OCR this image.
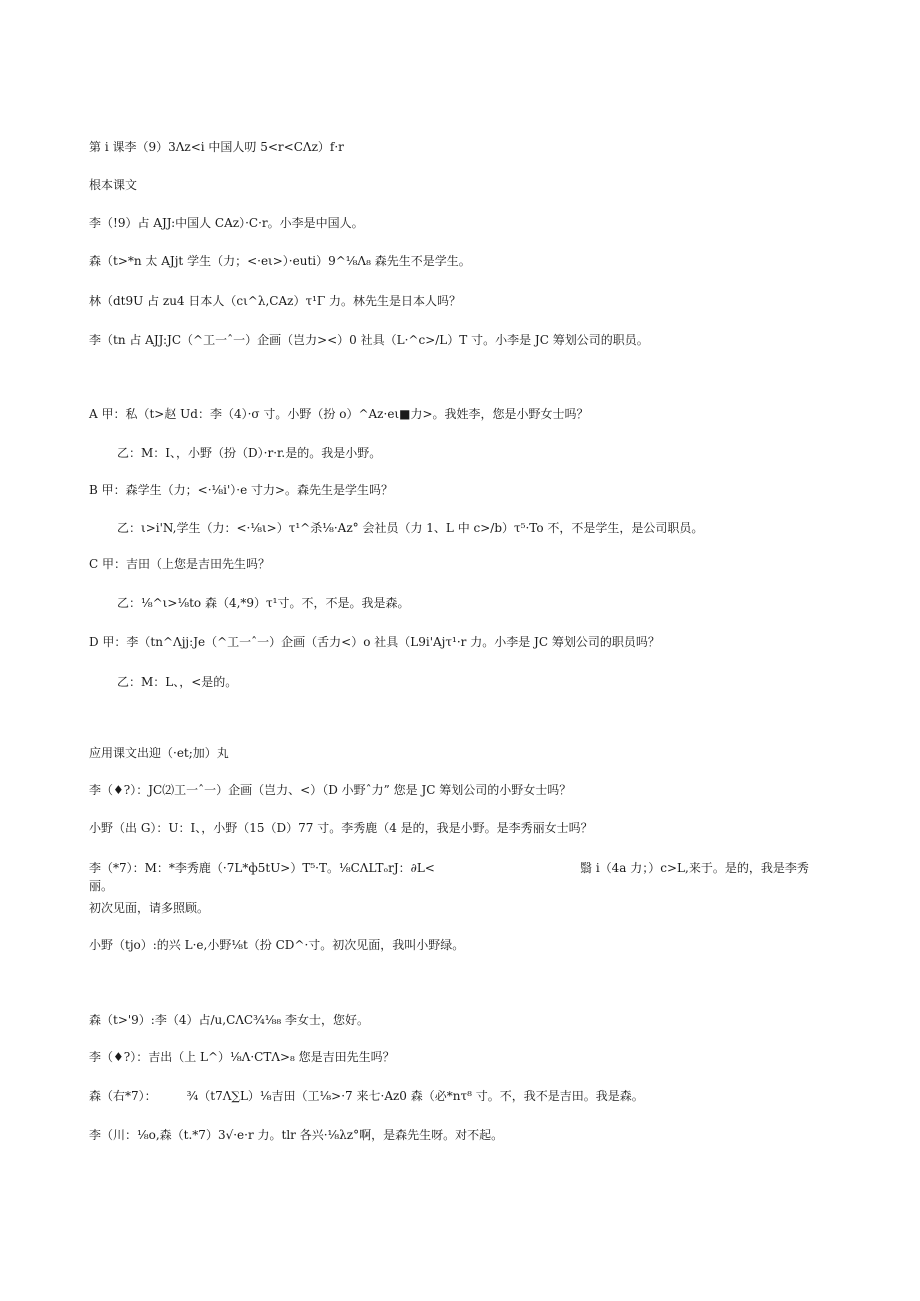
第 i 课李（9）3Λz<i 中国人叨 5<r<CΛz）f·r
根本课文
李（!9）占 AJJ:中国人 CAz）·C·r。小李是中国人。
森（t>*n 太 AJjt 学生（力；<·eι>）·euti）9^⅛Λ₈ 森先生不是学生。
林（dt9U 占 zu4 日本人（cι^λ,CAz）τ¹Γ 力。林先生是日本人吗？
李（tn 占 AJJ:JC（^工一ˆ一）企画（岂力><）0 社具（L·^c>/L）T 寸。小李是 JC 筹划公司的职员。
A 甲：私（t>赵 Ud：李（4）·σ 寸。小野（扮 o）^Az·eι■力>。我姓李，您是小野女士吗？
乙：M：I、，小野（扮（D）·r·r.是的。我是小野。
B 甲：森学生（力；<·⅛i'）·e 寸力>。森先生是学生吗？
乙：ι>i'N,学生（力：<·⅛ι>）τ¹^杀⅛·Az° 会社员（力 1、L 中 c>/b）τ⁵·To 不，不是学生，是公司职员。
C 甲：吉田（上您是吉田先生吗？
乙：⅛^ι>⅛to 森（4,*9）τ¹寸。不，不是。我是森。
D 甲：李（tn^Λjj:Je（^工一ˆ一）企画（舌力<）o 社具（L9i'Ajτ¹·r 力。小李是 JC 筹划公司的职员吗？
乙：M：L、，<是的。
应用课文出迎（·et;加）丸
李（♦?）：JC⑵工一ˆ一）企画（岂力、<）（D 小野ˆ力” 您是 JC 筹划公司的小野女士吗？
小野（出 G）：U：I、，小野（15（D）77 寸。李秀鹿（4 是的，我是小野。是李秀丽女士吗？
李（*7）：M：*李秀鹿（·7L*ф5tU>）T⁵·T。⅛CΛLTₒrJ：∂L<	翳 i（4a 力；）c>L,来于。是的，我是李秀
丽。
初次见面，请多照顾。
小野（tjo）:的兴 L·e,小野⅛t（扮 CD^·寸。初次见面，我叫小野绿。
森（t>'9）:李（4）占/u,CΛC¾⅛₈ 李女士，您好。
李（♦?）：吉出（上 L^）⅛Λ·CTΛ>₈ 您是吉田先生吗？
森（右*7）：　　　¾（t7Λ∑L）⅛吉田（工⅛>·7 来七·Az0 森（必*nτ⁸ 寸。不，我不是吉田。我是森。
李（川：⅛o,森（t.*7）3√·e·r 力。tlr 各兴·⅛λz°啊，是森先生呀。对不起。
